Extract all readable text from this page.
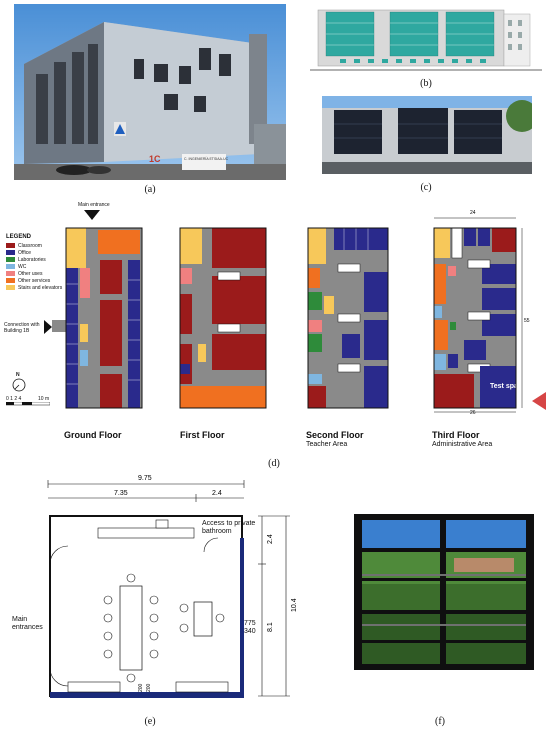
1C	C. INGENIERÍA ETSIAA-UC
(a)
(b)
(c)
LEGEND
Classroom
Office
Laboratories
WC
Other uses
Other services
Stairs and elevators
Main entrance
Connection with Building 1B
N
0 1 2 4	10 m
24
Test space
55
26
Ground Floor	First Floor	Second Floor
Teacher Area
Third Floor
Administrative Area
(d)
9.75
7.35	2.4
200 200
2.4
8.1
10.4
775
340
Main entrances
Access to private bathroom
(e)	(f)
